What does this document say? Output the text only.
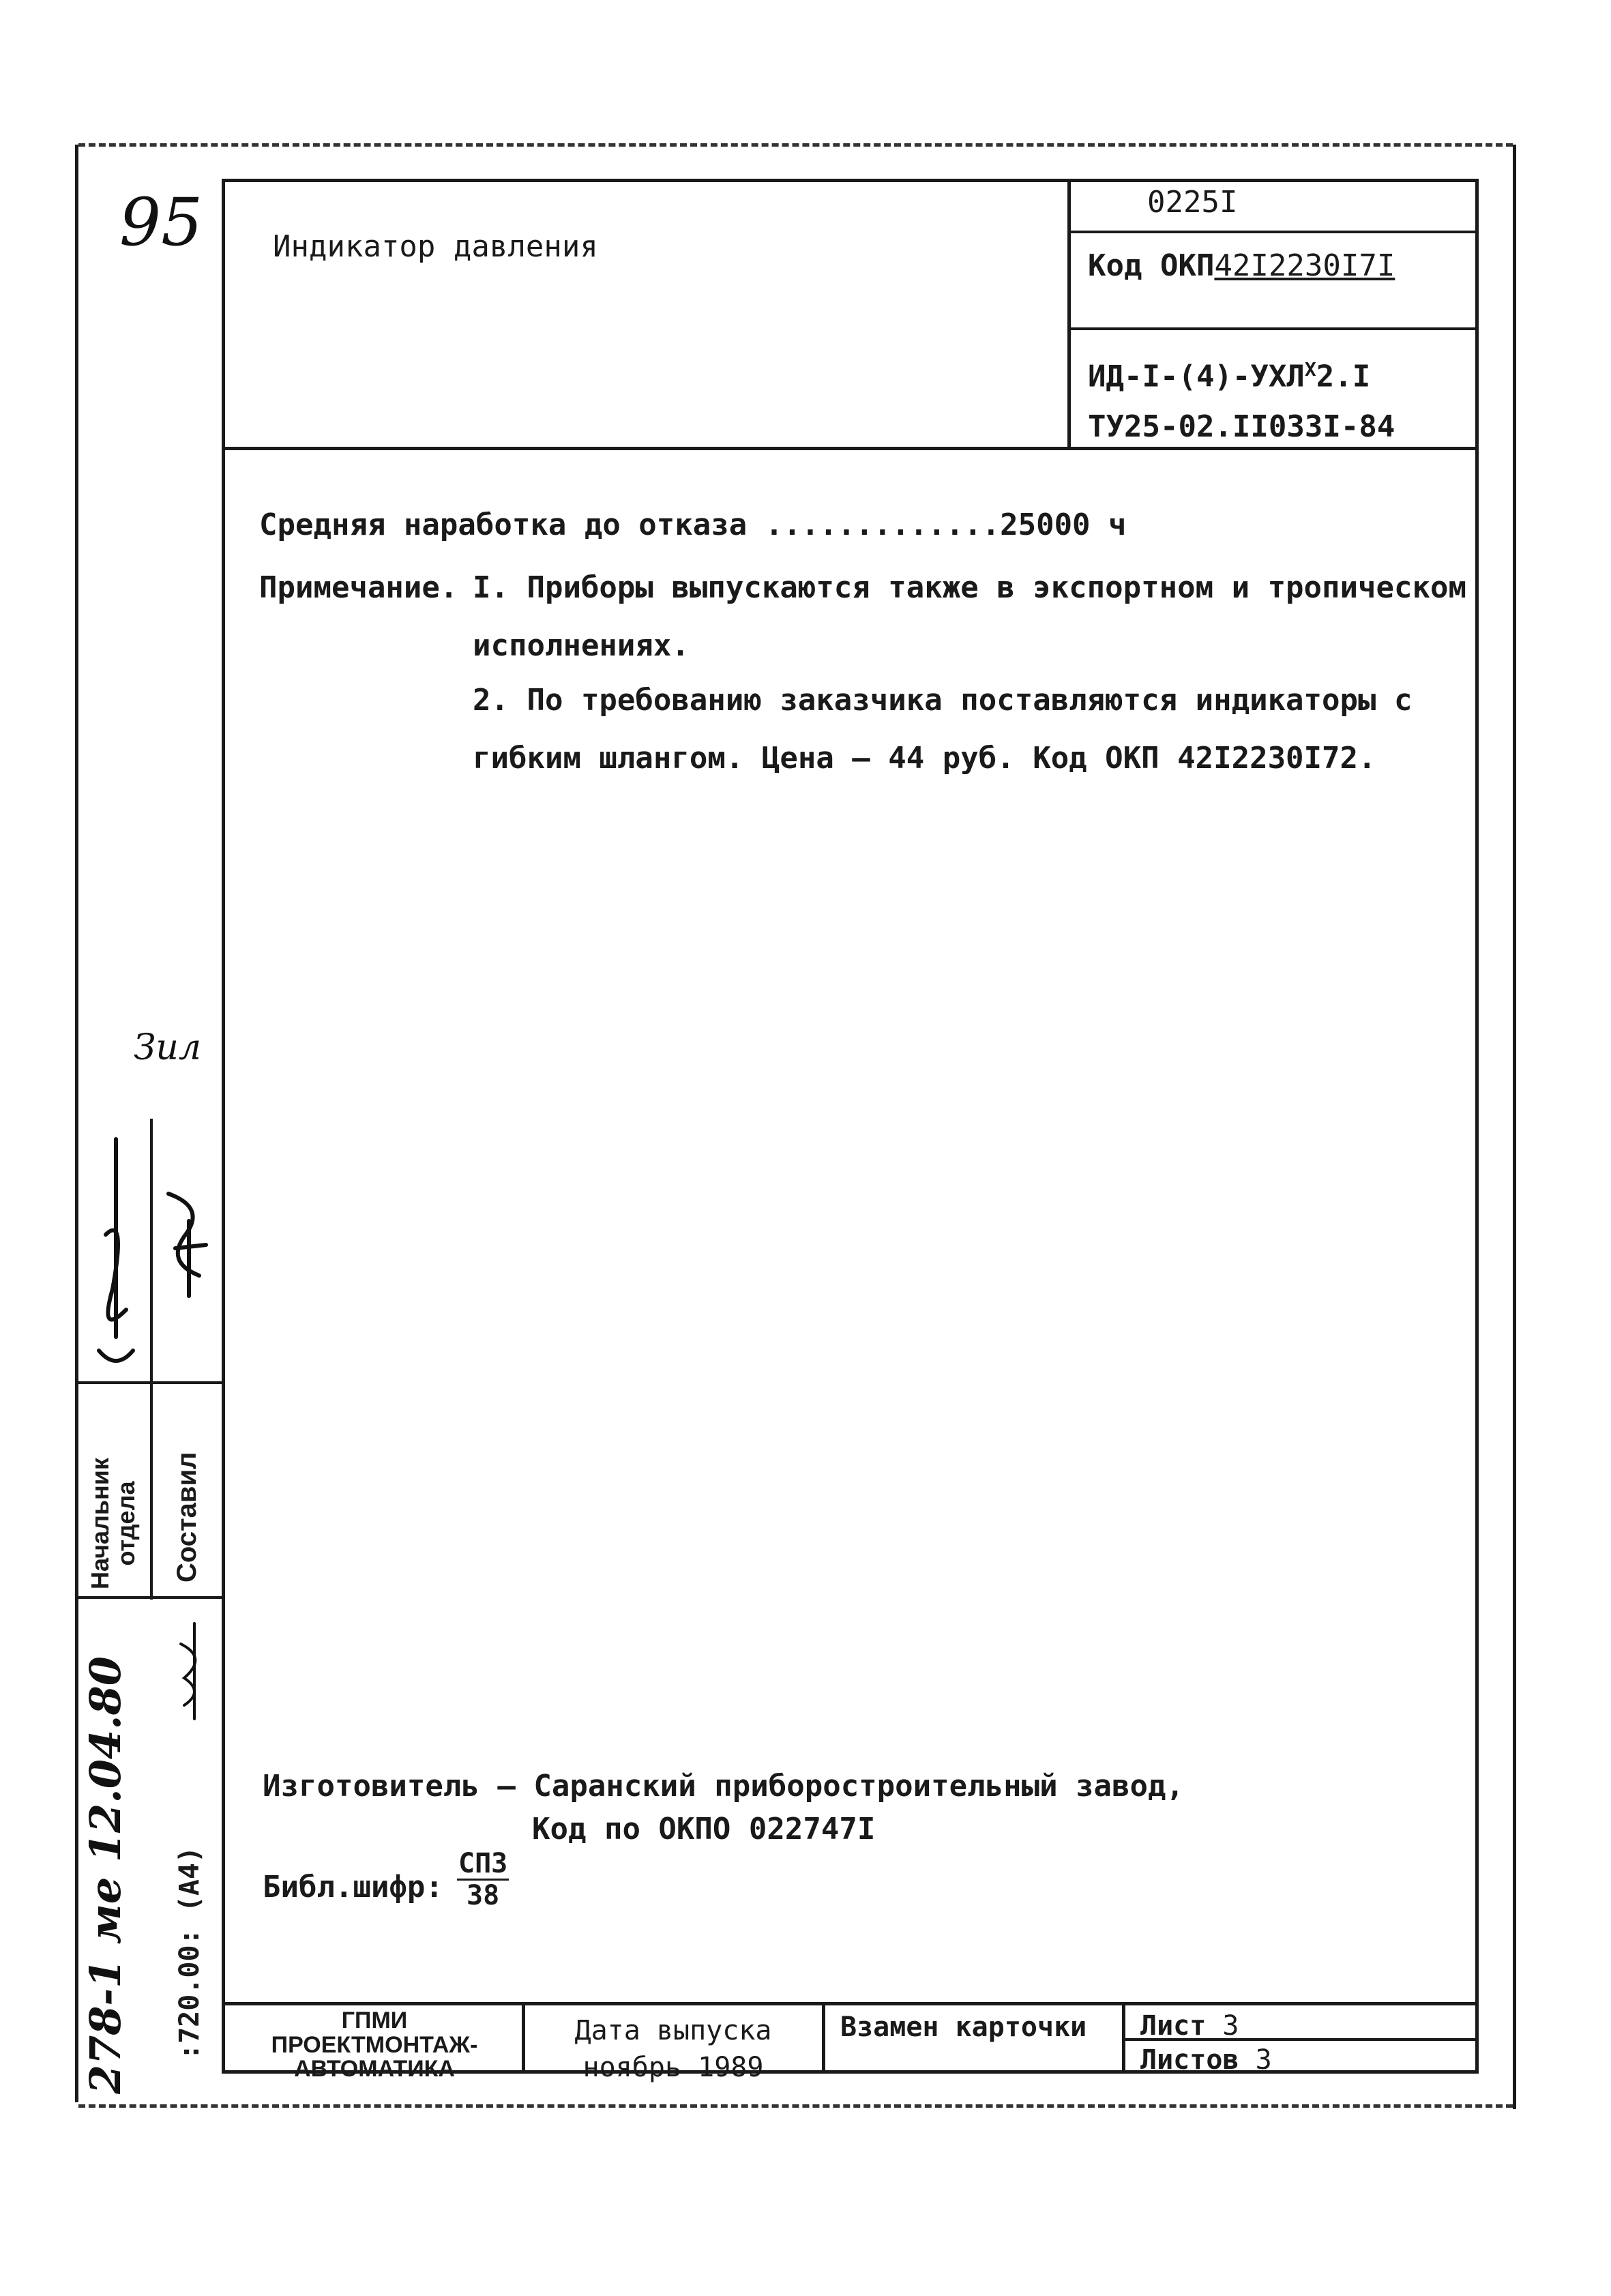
95 Индикатор давления
0225I
Код ОКП42I2230I7I
$ИД-I-(4)-УХЛ^X2.I$
ТУ25-02.II033I-84
Средняя наработка до отказа .............25000 ч
Примечание. I. Приборы выпускаются также в экспортном и тропическом
исполнениях.
2. По требованию заказчика поставляются индикаторы с
гибким шлангом. Цена – 44 руб. Код ОКП 42I2230I72.
Изготовитель – Саранский приборостроительный завод,
Код по ОКПО 022747I
Библ.шифр:
СПЗ
38
ГПМИ
ПРОЕКТМОНТАЖ-
АВТОМАТИКА
Дата выпуска
ноябрь 1989
Взамен карточки Лист 3
Листов 3
Начальник
отдела Составил
:720.00: (А4)
278-1 ме 12.04.80
Зил
